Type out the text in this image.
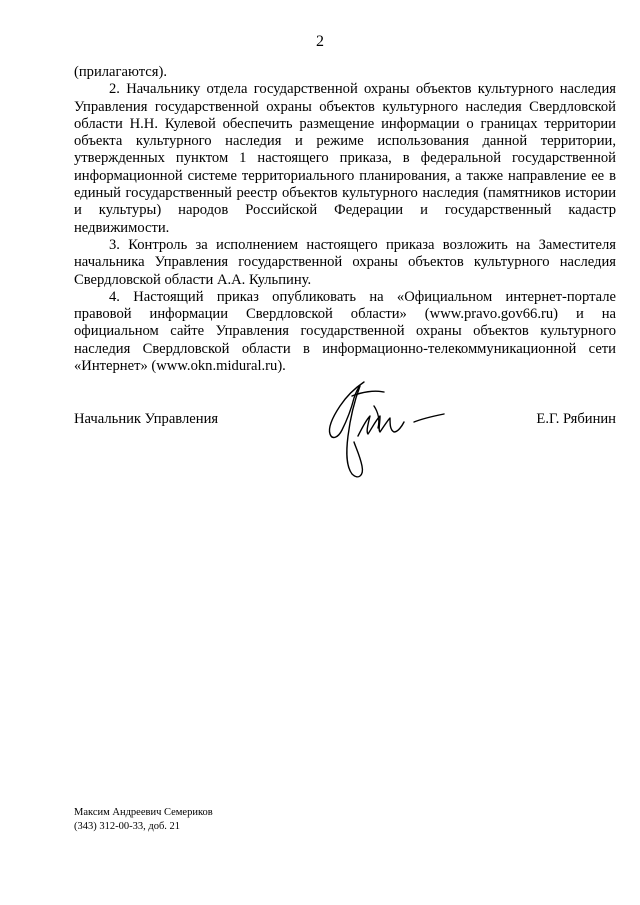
2

(прилагаются).

2. Начальнику отдела государственной охраны объектов культурного наследия Управления государственной охраны объектов культурного наследия Свердловской области Н.Н. Кулевой обеспечить размещение информации о границах территории объекта культурного наследия и режиме использования данной территории, утвержденных пунктом 1 настоящего приказа, в федеральной государственной информационной системе территориального планирования, а также направление ее в единый государственный реестр объектов культурного наследия (памятников истории и культуры) народов Российской Федерации и государственный кадастр недвижимости.

3. Контроль за исполнением настоящего приказа возложить на Заместителя начальника Управления государственной охраны объектов культурного наследия Свердловской области А.А. Кульпину.

4. Настоящий приказ опубликовать на «Официальном интернет-портале правовой информации Свердловской области» (www.pravo.gov66.ru) и на официальном сайте Управления государственной охраны объектов культурного наследия Свердловской области в информационно-телекоммуникационной сети «Интернет» (www.okn.midural.ru).

Начальник Управления	Е.Г. Рябинин
Максим Андреевич Семериков
(343) 312-00-33, доб. 21
